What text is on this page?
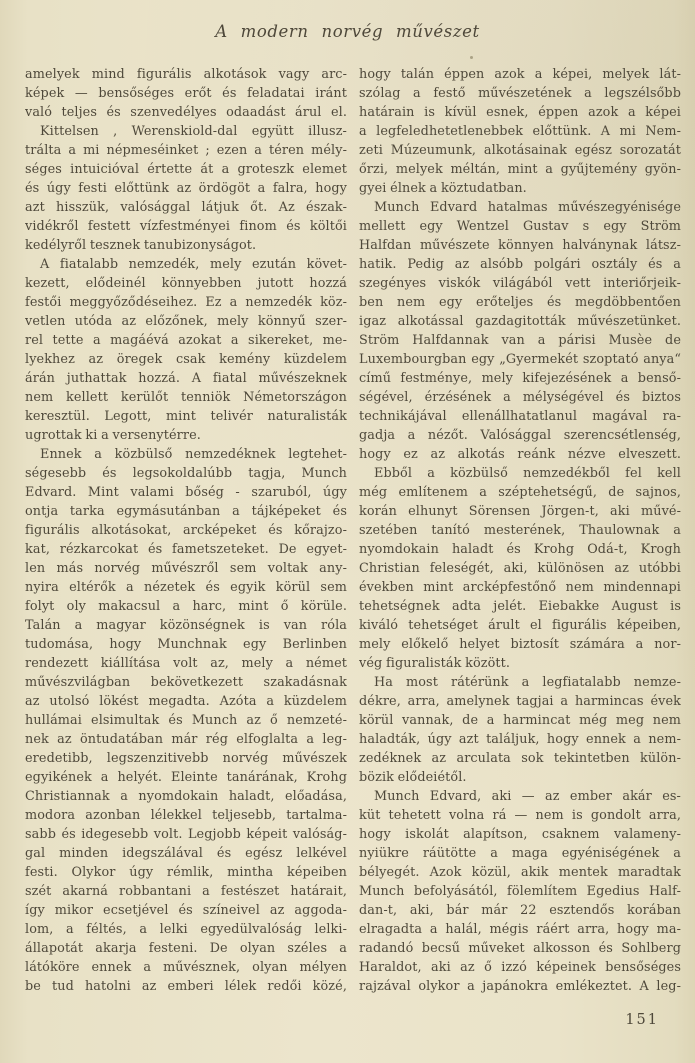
A modern norvég művészet
amelyek mind figurális alkotások vagy arc-
képek — bensőséges erőt és feladatai iránt
való teljes és szenvedélyes odaadást árul el.
Kittelsen , Werenskiold-dal együtt illusz-
trálta a mi népmeséinket ; ezen a téren mély-
séges intuicióval értette át a groteszk elemet
és úgy festi előttünk az ördögöt a falra, hogy
azt hisszük, valósággal látjuk őt. Az észak-
vidékről festett vízfestményei finom és költői
kedélyről tesznek tanubizonyságot.
A fiatalabb nemzedék, mely ezután követ-
kezett, elődeinél könnyebben jutott hozzá
festői meggyőződéseihez. Ez a nemzedék köz-
vetlen utóda az előzőnek, mely könnyű szer-
rel tette a magáévá azokat a sikereket, me-
lyekhez az öregek csak kemény küzdelem
árán juthattak hozzá. A fiatal művészeknek
nem kellett kerülőt tenniök Németországon
keresztül. Legott, mint telivér naturalisták
ugrottak ki a versenytérre.
Ennek a közbülső nemzedéknek legtehet-
ségesebb és legsokoldalúbb tagja, Munch
Edvard. Mint valami bőség - szaruból, úgy
ontja tarka egymásutánban a tájképeket és
figurális alkotásokat, arcképeket és kőrajzo-
kat, rézkarcokat és fametszeteket. De egyet-
len más norvég művészről sem voltak any-
nyira eltérők a nézetek és egyik körül sem
folyt oly makacsul a harc, mint ő körüle.
Talán a magyar közönségnek is van róla
tudomása, hogy Munchnak egy Berlinben
rendezett kiállítása volt az, mely a német
művészvilágban bekövetkezett szakadásnak
az utolsó lökést megadta. Azóta a küzdelem
hullámai elsimultak és Munch az ő nemzeté-
nek az öntudatában már rég elfoglalta a leg-
eredetibb, legszenzitivebb norvég művészek
egyikének a helyét. Eleinte tanárának, Krohg
Christiannak a nyomdokain haladt, előadása,
modora azonban lélekkel teljesebb, tartalma-
sabb és idegesebb volt. Legjobb képeit valóság-
gal minden idegszálával és egész lelkével
festi. Olykor úgy rémlik, mintha képeiben
szét akarná robbantani a festészet határait,
így mikor ecsetjével és színeivel az aggoda-
lom, a féltés, a lelki egyedülvalóság lelki-
állapotát akarja festeni. De olyan széles a
látóköre ennek a művésznek, olyan mélyen
be tud hatolni az emberi lélek redői közé,
hogy talán éppen azok a képei, melyek lát-
szólag a festő művészetének a legszélsőbb
határain is kívül esnek, éppen azok a képei
a legfeledhetetlenebbek előttünk. A mi Nem-
zeti Múzeumunk, alkotásainak egész sorozatát
őrzi, melyek méltán, mint a gyűjtemény gyön-
gyei élnek a köztudatban.
Munch Edvard hatalmas művészegyénisége
mellett egy Wentzel Gustav s egy Ström
Halfdan művészete könnyen halványnak látsz-
hatik. Pedig az alsóbb polgári osztály és a
szegényes viskók világából vett interiőrjeik-
ben nem egy erőteljes és megdöbbentően
igaz alkotással gazdagitották művészetünket.
Ström Halfdannak van a párisi Musèe de
Luxembourgban egy „Gyermekét szoptató anya“
című festménye, mely kifejezésének a benső-
ségével, érzésének a mélységével és biztos
technikájával ellenállhatatlanul magával ra-
gadja a nézőt. Valósággal szerencsétlenség,
hogy ez az alkotás reánk nézve elveszett.
Ebből a közbülső nemzedékből fel kell
még említenem a széptehetségű, de sajnos,
korán elhunyt Sörensen Jörgen-t, aki művé-
szetében tanító mesterének, Thaulownak a
nyomdokain haladt és Krohg Odá-t, Krogh
Christian feleségét, aki, különösen az utóbbi
években mint arcképfestőnő nem mindennapi
tehetségnek adta jelét. Eiebakke August is
kiváló tehetséget árult el figurális képeiben,
mely előkelő helyet biztosít számára a nor-
vég figuralisták között.
Ha most rátérünk a legfiatalabb nemze-
dékre, arra, amelynek tagjai a harmincas évek
körül vannak, de a harmincat még meg nem
haladták, úgy azt találjuk, hogy ennek a nem-
zedéknek az arculata sok tekintetben külön-
bözik elődeiétől.
Munch Edvard, aki — az ember akár es-
küt tehetett volna rá — nem is gondolt arra,
hogy iskolát alapítson, csaknem valameny-
nyiükre ráütötte a maga egyéniségének a
bélyegét. Azok közül, akik mentek maradtak
Munch befolyásától, fölemlítem Egedius Half-
dan-t, aki, bár már 22 esztendős korában
elragadta a halál, mégis ráért arra, hogy ma-
radandó becsű műveket alkosson és Sohlberg
Haraldot, aki az ő izzó képeinek bensőséges
rajzával olykor a japánokra emlékeztet. A leg-
151
